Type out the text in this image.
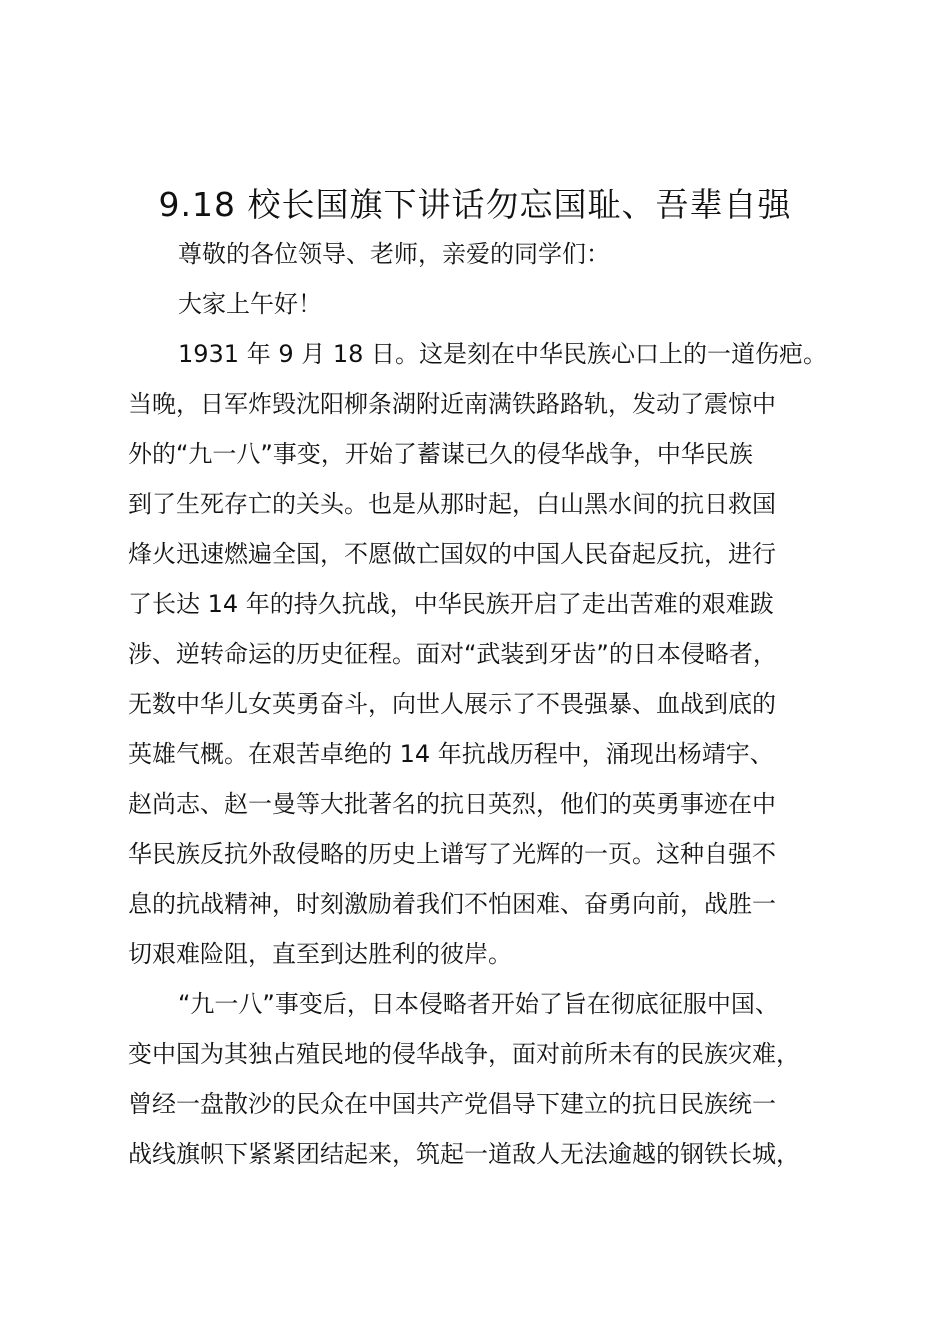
9.18 校长国旗下讲话勿忘国耻、吾辈自强

尊敬的各位领导、老师，亲爱的同学们：

大家上午好！

1931 年 9 月 18 日。这是刻在中华民族心口上的一道伤疤。

当晚，日军炸毁沈阳柳条湖附近南满铁路路轨，发动了震惊中

外的“九一八”事变，开始了蓄谋已久的侵华战争，中华民族

到了生死存亡的关头。也是从那时起，白山黑水间的抗日救国

烽火迅速燃遍全国，不愿做亡国奴的中国人民奋起反抗，进行

了长达 14 年的持久抗战，中华民族开启了走出苦难的艰难跋

涉、逆转命运的历史征程。面对“武装到牙齿”的日本侵略者，

无数中华儿女英勇奋斗，向世人展示了不畏强暴、血战到底的

英雄气概。在艰苦卓绝的 14 年抗战历程中，涌现出杨靖宇、

赵尚志、赵一曼等大批著名的抗日英烈，他们的英勇事迹在中

华民族反抗外敌侵略的历史上谱写了光辉的一页。这种自强不

息的抗战精神，时刻激励着我们不怕困难、奋勇向前，战胜一

切艰难险阻，直至到达胜利的彼岸。

“九一八”事变后，日本侵略者开始了旨在彻底征服中国、

变中国为其独占殖民地的侵华战争，面对前所未有的民族灾难，

曾经一盘散沙的民众在中国共产党倡导下建立的抗日民族统一

战线旗帜下紧紧团结起来，筑起一道敌人无法逾越的钢铁长城，
